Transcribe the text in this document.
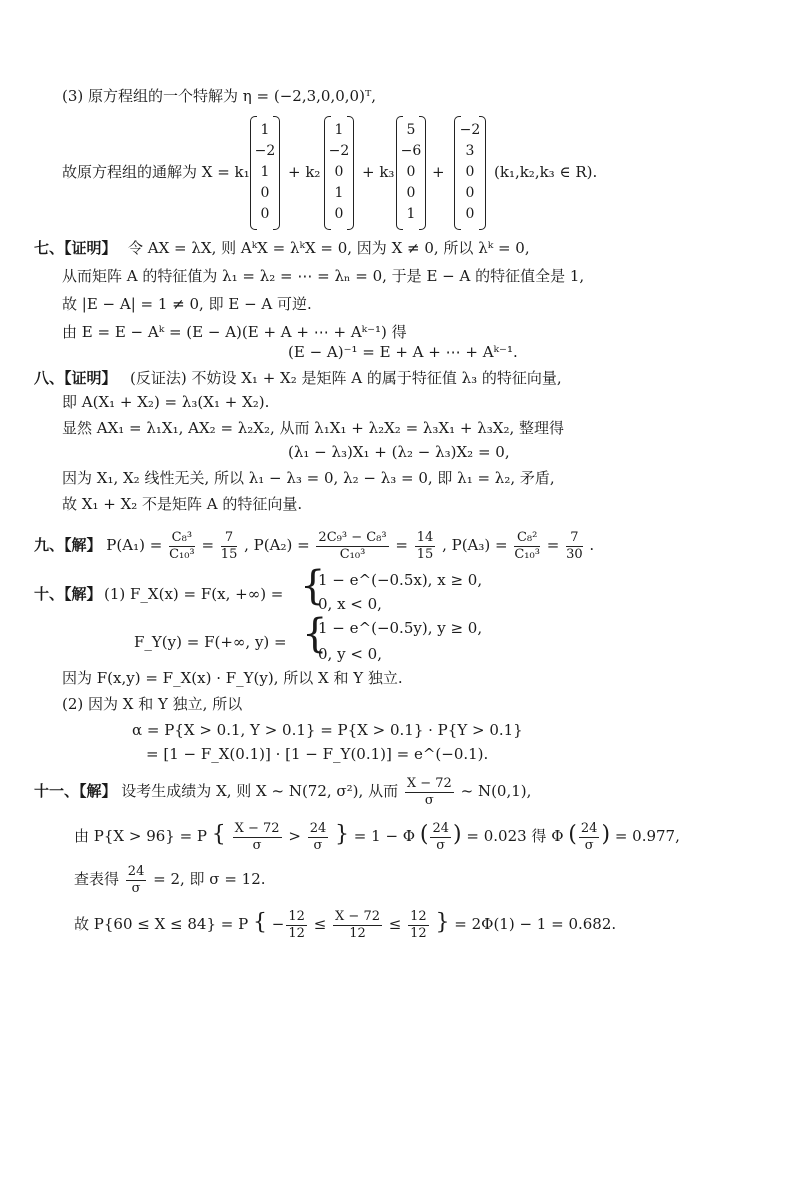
(3) 原方程组的一个特解为 η = (−2,3,0,0,0)ᵀ,
故原方程组的通解为 X = k₁
1
−2
1
0
0
+ k₂
1
−2
0
1
0
+ k₃
5
−6
0
0
1
+
−2
3
0
0
0
(k₁,k₂,k₃ ∈ R).
七、【证明】 令 AX = λX, 则 AᵏX = λᵏX = 0, 因为 X ≠ 0, 所以 λᵏ = 0,
从而矩阵 A 的特征值为 λ₁ = λ₂ = ⋯ = λₙ = 0, 于是 E − A 的特征值全是 1,
故 |E − A| = 1 ≠ 0, 即 E − A 可逆.
由 E = E − Aᵏ = (E − A)(E + A + ⋯ + Aᵏ⁻¹) 得
(E − A)⁻¹ = E + A + ⋯ + Aᵏ⁻¹.
八、【证明】 (反证法) 不妨设 X₁ + X₂ 是矩阵 A 的属于特征值 λ₃ 的特征向量,
即 A(X₁ + X₂) = λ₃(X₁ + X₂).
显然 AX₁ = λ₁X₁, AX₂ = λ₂X₂, 从而 λ₁X₁ + λ₂X₂ = λ₃X₁ + λ₃X₂, 整理得
(λ₁ − λ₃)X₁ + (λ₂ − λ₃)X₂ = 0,
因为 X₁, X₂ 线性无关, 所以 λ₁ − λ₃ = 0, λ₂ − λ₃ = 0, 即 λ₁ = λ₂, 矛盾,
故 X₁ + X₂ 不是矩阵 A 的特征向量.
九、【解】 $P(A_1) = \frac{\text{C₈³}}{\text{C₁₀³}} = \frac{7}{15}$ , $P(A_2) = \frac{\text{2C₉³ − C₈³}}{\text{C₁₀³}} = \frac{14}{15}$ , $P(A_3) = \frac{\text{C₈²}}{\text{C₁₀³}} = \frac{7}{30}$ .
十、【解】 (1) F_X(x) = F(x, +∞) = {
1 − e^(−0.5x), x ≥ 0,
0, x < 0,
F_Y(y) = F(+∞, y) = {
1 − e^(−0.5y), y ≥ 0,
0, y < 0,
因为 F(x,y) = F_X(x) · F_Y(y), 所以 X 和 Y 独立.
(2) 因为 X 和 Y 独立, 所以
α = P{X > 0.1, Y > 0.1} = P{X > 0.1} · P{Y > 0.1}
= [1 − F_X(0.1)] · [1 − F_Y(0.1)] = e^(−0.1).
十一、【解】 设考生成绩为 X, 则 X ~ N(72, σ²), 从而 $\frac{X - 72}{\sigma}$ ~ N(0,1),
由 P{X > 96} = P { $\frac{X - 72}{\sigma} > \frac{24}{\sigma}$ } = 1 − Φ ( $\frac{24}{\sigma}$ ) = 0.023 得 Φ ( $\frac{24}{\sigma}$ ) = 0.977,
查表得 $\frac{24}{\sigma} = 2$, 即 σ = 12.
故 P{60 ≤ X ≤ 84} = P { − $\frac{12}{12} \le \frac{X - 72}{12} \le \frac{12}{12}$ } = 2Φ(1) − 1 = 0.682.
